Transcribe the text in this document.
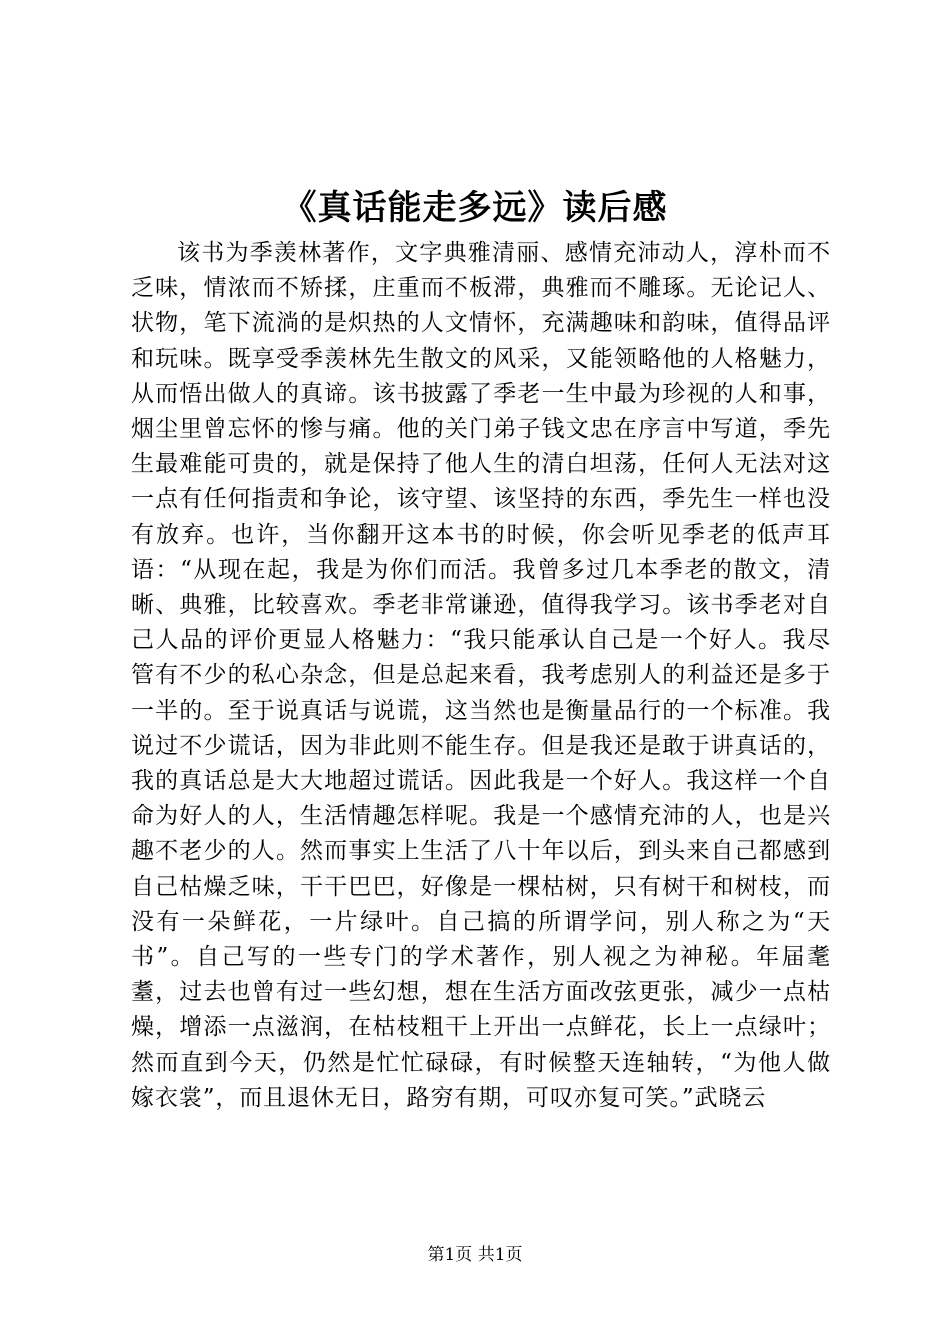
《真话能走多远》读后感

该书为季羡林著作，文字典雅清丽、感情充沛动人，淳朴而不乏味，情浓而不矫揉，庄重而不板滞，典雅而不雕琢。无论记人、状物，笔下流淌的是炽热的人文情怀，充满趣味和韵味，值得品评和玩味。既享受季羡林先生散文的风采，又能领略他的人格魅力，从而悟出做人的真谛。该书披露了季老一生中最为珍视的人和事，烟尘里曾忘怀的惨与痛。他的关门弟子钱文忠在序言中写道，季先生最难能可贵的，就是保持了他人生的清白坦荡，任何人无法对这一点有任何指责和争论，该守望、该坚持的东西，季先生一样也没有放弃。也许，当你翻开这本书的时候，你会听见季老的低声耳语：“从现在起，我是为你们而活。我曾多过几本季老的散文，清晰、典雅，比较喜欢。季老非常谦逊，值得我学习。该书季老对自己人品的评价更显人格魅力：“我只能承认自己是一个好人。我尽管有不少的私心杂念，但是总起来看，我考虑别人的利益还是多于一半的。至于说真话与说谎，这当然也是衡量品行的一个标准。我说过不少谎话，因为非此则不能生存。但是我还是敢于讲真话的，我的真话总是大大地超过谎话。因此我是一个好人。我这样一个自命为好人的人，生活情趣怎样呢。我是一个感情充沛的人，也是兴趣不老少的人。然而事实上生活了八十年以后，到头来自己都感到自己枯燥乏味，干干巴巴，好像是一棵枯树，只有树干和树枝，而没有一朵鲜花，一片绿叶。自己搞的所谓学问，别人称之为“天书”。自己写的一些专门的学术著作，别人视之为神秘。年届耄耋，过去也曾有过一些幻想，想在生活方面改弦更张，减少一点枯燥，增添一点滋润，在枯枝粗干上开出一点鲜花，长上一点绿叶；然而直到今天，仍然是忙忙碌碌，有时候整天连轴转，“为他人做嫁衣裳”，而且退休无日，路穷有期，可叹亦复可笑。”武晓云

第1页 共1页
